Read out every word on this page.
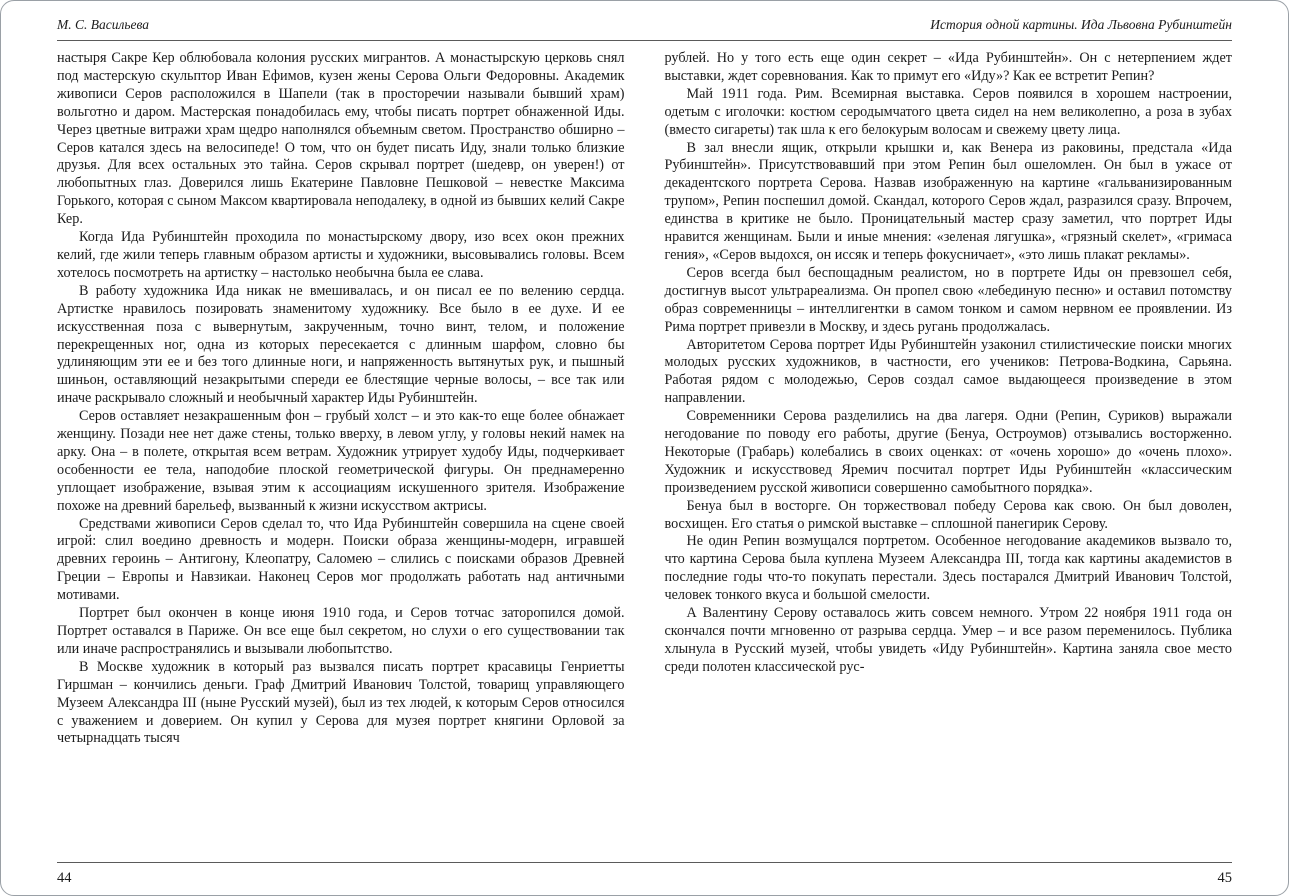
М. С. Васильева	История одной картины. Ида Львовна Рубинштейн

настыря Сакре Кер облюбовала колония русских мигрантов. А монастырскую церковь снял под мастерскую скульптор Иван Ефимов, кузен жены Серова Ольги Федоровны. Академик живописи Серов расположился в Шапели (так в просторечии называли бывший храм) вольготно и даром. Мастерская понадобилась ему, чтобы писать портрет обнаженной Иды. Через цветные витражи храм щедро наполнялся объемным светом. Пространство обширно – Серов катался здесь на велосипеде! О том, что он будет писать Иду, знали только близкие друзья. Для всех остальных это тайна. Серов скрывал портрет (шедевр, он уверен!) от любопытных глаз. Доверился лишь Екатерине Павловне Пешковой – невестке Максима Горького, которая с сыном Максом квартировала неподалеку, в одной из бывших келий Сакре Кер.

Когда Ида Рубинштейн проходила по монастырскому двору, изо всех окон прежних келий, где жили теперь главным образом артисты и художники, высовывались головы. Всем хотелось посмотреть на артистку – настолько необычна была ее слава.

В работу художника Ида никак не вмешивалась, и он писал ее по велению сердца. Артистке нравилось позировать знаменитому художнику. Все было в ее духе. И ее искусственная поза с вывернутым, закрученным, точно винт, телом, и положение перекрещенных ног, одна из которых пересекается с длинным шарфом, словно бы удлиняющим эти ее и без того длинные ноги, и напряженность вытянутых рук, и пышный шиньон, оставляющий незакрытыми спереди ее блестящие черные волосы, – все так или иначе раскрывало сложный и необычный характер Иды Рубинштейн.

Серов оставляет незакрашенным фон – грубый холст – и это как-то еще более обнажает женщину. Позади нее нет даже стены, только вверху, в левом углу, у головы некий намек на арку. Она – в полете, открытая всем ветрам. Художник утрирует худобу Иды, подчеркивает особенности ее тела, наподобие плоской геометрической фигуры. Он преднамеренно уплощает изображение, взывая этим к ассоциациям искушенного зрителя. Изображение похоже на древний барельеф, вызванный к жизни искусством актрисы.

Средствами живописи Серов сделал то, что Ида Рубинштейн совершила на сцене своей игрой: слил воедино древность и модерн. Поиски образа женщины-модерн, игравшей древних героинь – Антигону, Клеопатру, Саломею – слились с поисками образов Древней Греции – Европы и Навзикаи. Наконец Серов мог продолжать работать над античными мотивами.

Портрет был окончен в конце июня 1910 года, и Серов тотчас заторопился домой. Портрет оставался в Париже. Он все еще был секретом, но слухи о его существовании так или иначе распространялись и вызывали любопытство.

В Москве художник в который раз вызвался писать портрет красавицы Генриетты Гиршман – кончились деньги. Граф Дмитрий Иванович Толстой, товарищ управляющего Музеем Александра III (ныне Русский музей), был из тех людей, к которым Серов относился с уважением и доверием. Он купил у Серова для музея портрет княгини Орловой за четырнадцать тысяч

рублей. Но у того есть еще один секрет – «Ида Рубинштейн». Он с нетерпением ждет выставки, ждет соревнования. Как то примут его «Иду»? Как ее встретит Репин?

Май 1911 года. Рим. Всемирная выставка. Серов появился в хорошем настроении, одетым с иголочки: костюм серодымчатого цвета сидел на нем великолепно, а роза в зубах (вместо сигареты) так шла к его белокурым волосам и свежему цвету лица.

В зал внесли ящик, открыли крышки и, как Венера из раковины, предстала «Ида Рубинштейн». Присутствовавший при этом Репин был ошеломлен. Он был в ужасе от декадентского портрета Серова. Назвав изображенную на картине «гальванизированным трупом», Репин поспешил домой. Скандал, которого Серов ждал, разразился сразу. Впрочем, единства в критике не было. Проницательный мастер сразу заметил, что портрет Иды нравится женщинам. Были и иные мнения: «зеленая лягушка», «грязный скелет», «гримаса гения», «Серов выдохся, он иссяк и теперь фокусничает», «это лишь плакат рекламы».

Серов всегда был беспощадным реалистом, но в портрете Иды он превзошел себя, достигнув высот ультрареализма. Он пропел свою «лебединую песню» и оставил потомству образ современницы – интеллигентки в самом тонком и самом нервном ее проявлении. Из Рима портрет привезли в Москву, и здесь ругань продолжалась.

Авторитетом Серова портрет Иды Рубинштейн узаконил стилистические поиски многих молодых русских художников, в частности, его учеников: Петрова-Водкина, Сарьяна. Работая рядом с молодежью, Серов создал самое выдающееся произведение в этом направлении.

Современники Серова разделились на два лагеря. Одни (Репин, Суриков) выражали негодование по поводу его работы, другие (Бенуа, Остроумов) отзывались восторженно. Некоторые (Грабарь) колебались в своих оценках: от «очень хорошо» до «очень плохо». Художник и искусствовед Яремич посчитал портрет Иды Рубинштейн «классическим произведением русской живописи совершенно самобытного порядка».

Бенуа был в восторге. Он торжествовал победу Серова как свою. Он был доволен, восхищен. Его статья о римской выставке – сплошной панегирик Серову.

Не один Репин возмущался портретом. Особенное негодование академиков вызвало то, что картина Серова была куплена Музеем Александра III, тогда как картины академистов в последние годы что-то покупать перестали. Здесь постарался Дмитрий Иванович Толстой, человек тонкого вкуса и большой смелости.

А Валентину Серову оставалось жить совсем немного. Утром 22 ноября 1911 года он скончался почти мгновенно от разрыва сердца. Умер – и все разом переменилось. Публика хлынула в Русский музей, чтобы увидеть «Иду Рубинштейн». Картина заняла свое место среди полотен классической рус-

44	45
